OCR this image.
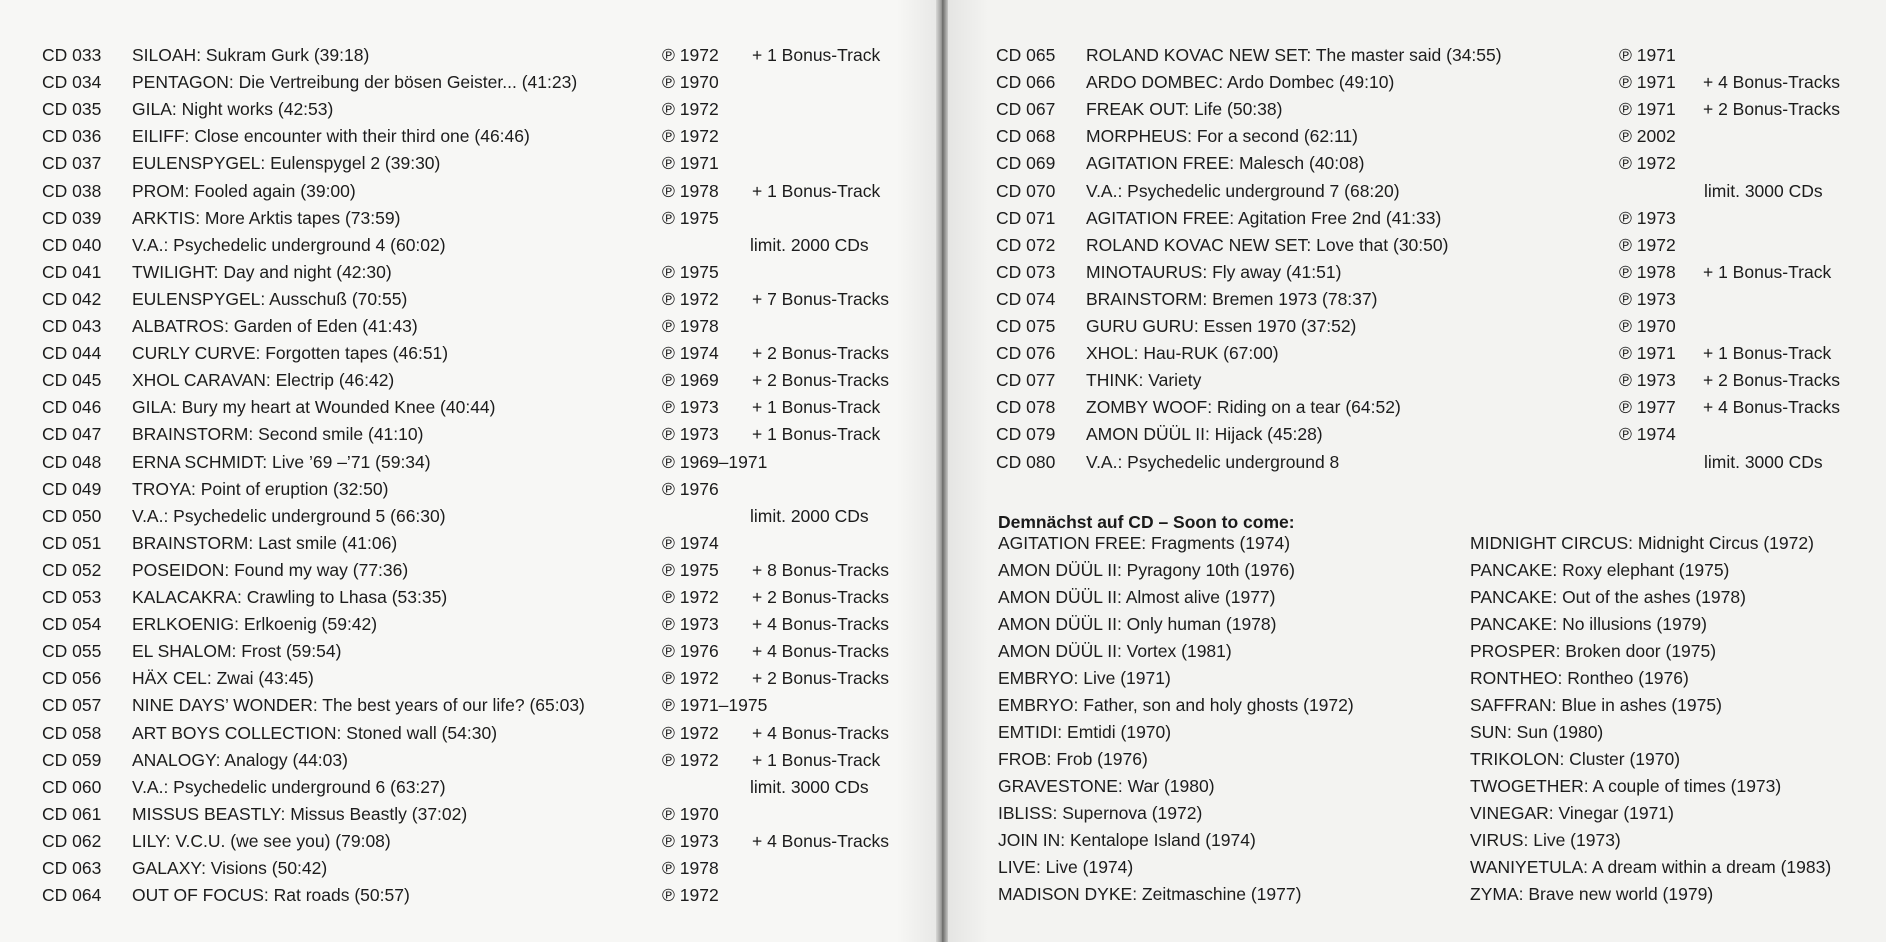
CD 033 SILOAH: Sukram Gurk (39:18)	℗ 1972 + 1 Bonus-Track
CD 034 PENTAGON: Die Vertreibung der bösen Geister... (41:23)	℗ 1970
CD 035 GILA: Night works (42:53)	℗ 1972
CD 036 EILIFF: Close encounter with their third one (46:46)	℗ 1972
CD 037 EULENSPYGEL: Eulenspygel 2 (39:30)	℗ 1971
CD 038 PROM: Fooled again (39:00)	℗ 1978 + 1 Bonus-Track
CD 039 ARKTIS: More Arktis tapes (73:59)	℗ 1975
CD 040 V.A.: Psychedelic underground 4 (60:02)	limit. 2000 CDs
CD 041 TWILIGHT: Day and night (42:30)	℗ 1975
CD 042 EULENSPYGEL: Ausschuß (70:55)	℗ 1972 + 7 Bonus-Tracks
CD 043 ALBATROS: Garden of Eden (41:43)	℗ 1978
CD 044 CURLY CURVE: Forgotten tapes (46:51)	℗ 1974 + 2 Bonus-Tracks
CD 045 XHOL CARAVAN: Electrip (46:42)	℗ 1969 + 2 Bonus-Tracks
CD 046 GILA: Bury my heart at Wounded Knee (40:44)	℗ 1973 + 1 Bonus-Track
CD 047 BRAINSTORM: Second smile (41:10)	℗ 1973 + 1 Bonus-Track
CD 048 ERNA SCHMIDT: Live ’69 –’71 (59:34)	℗ 1969–1971
CD 049 TROYA: Point of eruption (32:50)	℗ 1976
CD 050 V.A.: Psychedelic underground 5 (66:30)	limit. 2000 CDs
CD 051 BRAINSTORM: Last smile (41:06)	℗ 1974
CD 052 POSEIDON: Found my way (77:36)	℗ 1975 + 8 Bonus-Tracks
CD 053 KALACAKRA: Crawling to Lhasa (53:35)	℗ 1972 + 2 Bonus-Tracks
CD 054 ERLKOENIG: Erlkoenig (59:42)	℗ 1973 + 4 Bonus-Tracks
CD 055 EL SHALOM: Frost (59:54)	℗ 1976 + 4 Bonus-Tracks
CD 056 HÄX CEL: Zwai (43:45)	℗ 1972 + 2 Bonus-Tracks
CD 057 NINE DAYS’ WONDER: The best years of our life? (65:03)	℗ 1971–1975
CD 058 ART BOYS COLLECTION: Stoned wall (54:30)	℗ 1972 + 4 Bonus-Tracks
CD 059 ANALOGY: Analogy (44:03)	℗ 1972 + 1 Bonus-Track
CD 060 V.A.: Psychedelic underground 6 (63:27)	limit. 3000 CDs
CD 061 MISSUS BEASTLY: Missus Beastly (37:02)	℗ 1970
CD 062 LILY: V.C.U. (we see you) (79:08)	℗ 1973 + 4 Bonus-Tracks
CD 063 GALAXY: Visions (50:42)	℗ 1978
CD 064 OUT OF FOCUS: Rat roads (50:57)	℗ 1972
Demnächst auf CD – Soon to come:
CD 065 ROLAND KOVAC NEW SET: The master said (34:55)	℗ 1971
CD 066 ARDO DOMBEC: Ardo Dombec (49:10)	℗ 1971 + 4 Bonus-Tracks
CD 067 FREAK OUT: Life (50:38)	℗ 1971 + 2 Bonus-Tracks
CD 068 MORPHEUS: For a second (62:11)	℗ 2002
CD 069 AGITATION FREE: Malesch (40:08)	℗ 1972
CD 070 V.A.: Psychedelic underground 7 (68:20)	limit. 3000 CDs
CD 071 AGITATION FREE: Agitation Free 2nd (41:33)	℗ 1973
CD 072 ROLAND KOVAC NEW SET: Love that (30:50)	℗ 1972
CD 073 MINOTAURUS: Fly away (41:51)	℗ 1978 + 1 Bonus-Track
CD 074 BRAINSTORM: Bremen 1973 (78:37)	℗ 1973
CD 075 GURU GURU: Essen 1970 (37:52)	℗ 1970
CD 076 XHOL: Hau-RUK (67:00)	℗ 1971 + 1 Bonus-Track
CD 077 THINK: Variety	℗ 1973 + 2 Bonus-Tracks
CD 078 ZOMBY WOOF: Riding on a tear (64:52)	℗ 1977 + 4 Bonus-Tracks
CD 079 AMON DÜÜL II: Hijack (45:28)	℗ 1974
CD 080 V.A.: Psychedelic underground 8	limit. 3000 CDs
AGITATION FREE: Fragments (1974)
AMON DÜÜL II: Pyragony 10th (1976)
AMON DÜÜL II: Almost alive (1977)
AMON DÜÜL II: Only human (1978)
AMON DÜÜL II: Vortex (1981)
EMBRYO: Live (1971)
EMBRYO: Father, son and holy ghosts (1972)
EMTIDI: Emtidi (1970)
FROB: Frob (1976)
GRAVESTONE: War (1980)
IBLISS: Supernova (1972)
JOIN IN: Kentalope Island (1974)
LIVE: Live (1974)
MADISON DYKE: Zeitmaschine (1977)
MIDNIGHT CIRCUS: Midnight Circus (1972)
PANCAKE: Roxy elephant (1975)
PANCAKE: Out of the ashes (1978)
PANCAKE: No illusions (1979)
PROSPER: Broken door (1975)
RONTHEO: Rontheo (1976)
SAFFRAN: Blue in ashes (1975)
SUN: Sun (1980)
TRIKOLON: Cluster (1970)
TWOGETHER: A couple of times (1973)
VINEGAR: Vinegar (1971)
VIRUS: Live (1973)
WANIYETULA: A dream within a dream (1983)
ZYMA: Brave new world (1979)
